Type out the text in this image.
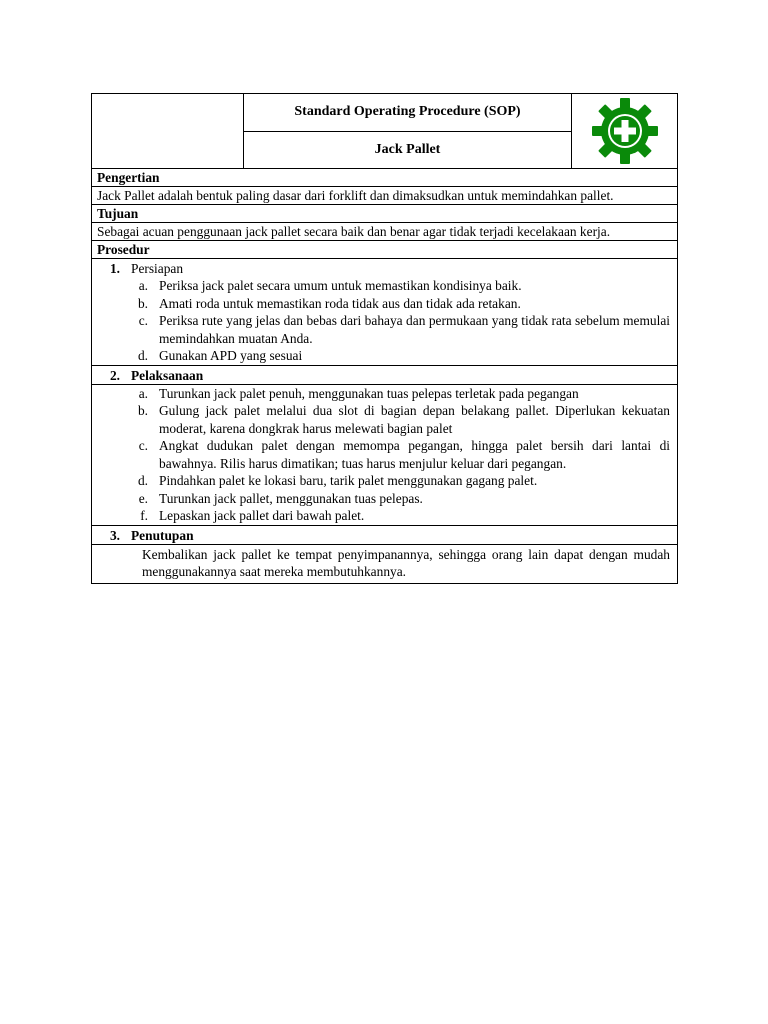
Standard Operating Procedure (SOP)
Jack Pallet
Pengertian
Jack Pallet adalah bentuk paling dasar dari forklift dan dimaksudkan untuk memindahkan pallet.
Tujuan
Sebagai acuan penggunaan jack pallet secara baik dan benar agar tidak terjadi kecelakaan kerja.
Prosedur
1. Persiapan
a. Periksa jack palet secara umum untuk memastikan kondisinya baik.
b. Amati roda untuk memastikan roda tidak aus dan tidak ada retakan.
c. Periksa rute yang jelas dan bebas dari bahaya dan permukaan yang tidak rata sebelum memulai memindahkan muatan Anda.
d. Gunakan APD yang sesuai
2. Pelaksanaan
a. Turunkan jack palet penuh, menggunakan tuas pelepas terletak pada pegangan
b. Gulung jack palet melalui dua slot di bagian depan belakang pallet. Diperlukan kekuatan moderat, karena dongkrak harus melewati bagian palet
c. Angkat dudukan palet dengan memompa pegangan, hingga palet bersih dari lantai di bawahnya. Rilis harus dimatikan; tuas harus menjulur keluar dari pegangan.
d. Pindahkan palet ke lokasi baru, tarik palet menggunakan gagang palet.
e. Turunkan jack pallet, menggunakan tuas pelepas.
f. Lepaskan jack pallet dari bawah palet.
3. Penutupan
Kembalikan jack pallet ke tempat penyimpanannya, sehingga orang lain dapat dengan mudah menggunakannya saat mereka membutuhkannya.
